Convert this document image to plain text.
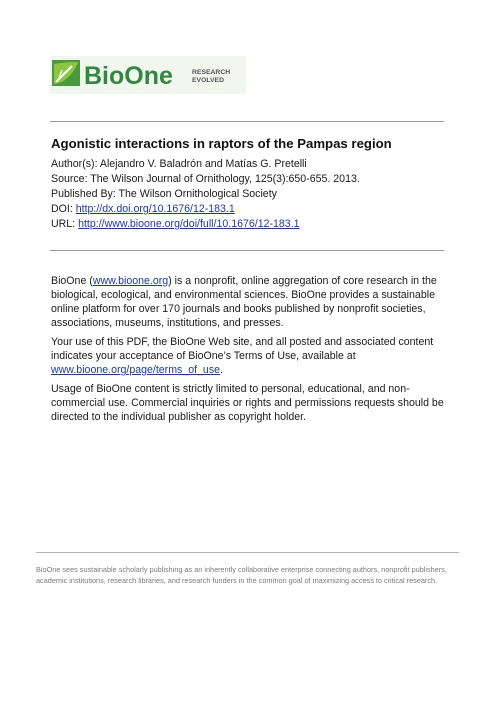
BioOne	RESEARCH
EVOLVED
Agonistic interactions in raptors of the Pampas region
Author(s): Alejandro V. Baladrón and Matías G. Pretelli
Source: The Wilson Journal of Ornithology, 125(3):650-655. 2013.
Published By: The Wilson Ornithological Society
DOI: http://dx.doi.org/10.1676/12-183.1
URL: http://www.bioone.org/doi/full/10.1676/12-183.1
BioOne (www.bioone.org) is a nonprofit, online aggregation of core research in the biological, ecological, and environmental sciences. BioOne provides a sustainable online platform for over 170 journals and books published by nonprofit societies, associations, museums, institutions, and presses.
Your use of this PDF, the BioOne Web site, and all posted and associated content indicates your acceptance of BioOne’s Terms of Use, available at www.bioone.org/page/terms_of_use.
Usage of BioOne content is strictly limited to personal, educational, and non-commercial use. Commercial inquiries or rights and permissions requests should be directed to the individual publisher as copyright holder.
BioOne sees sustainable scholarly publishing as an inherently collaborative enterprise connecting authors, nonprofit publishers, academic institutions, research libraries, and research funders in the common goal of maximizing access to critical research.
